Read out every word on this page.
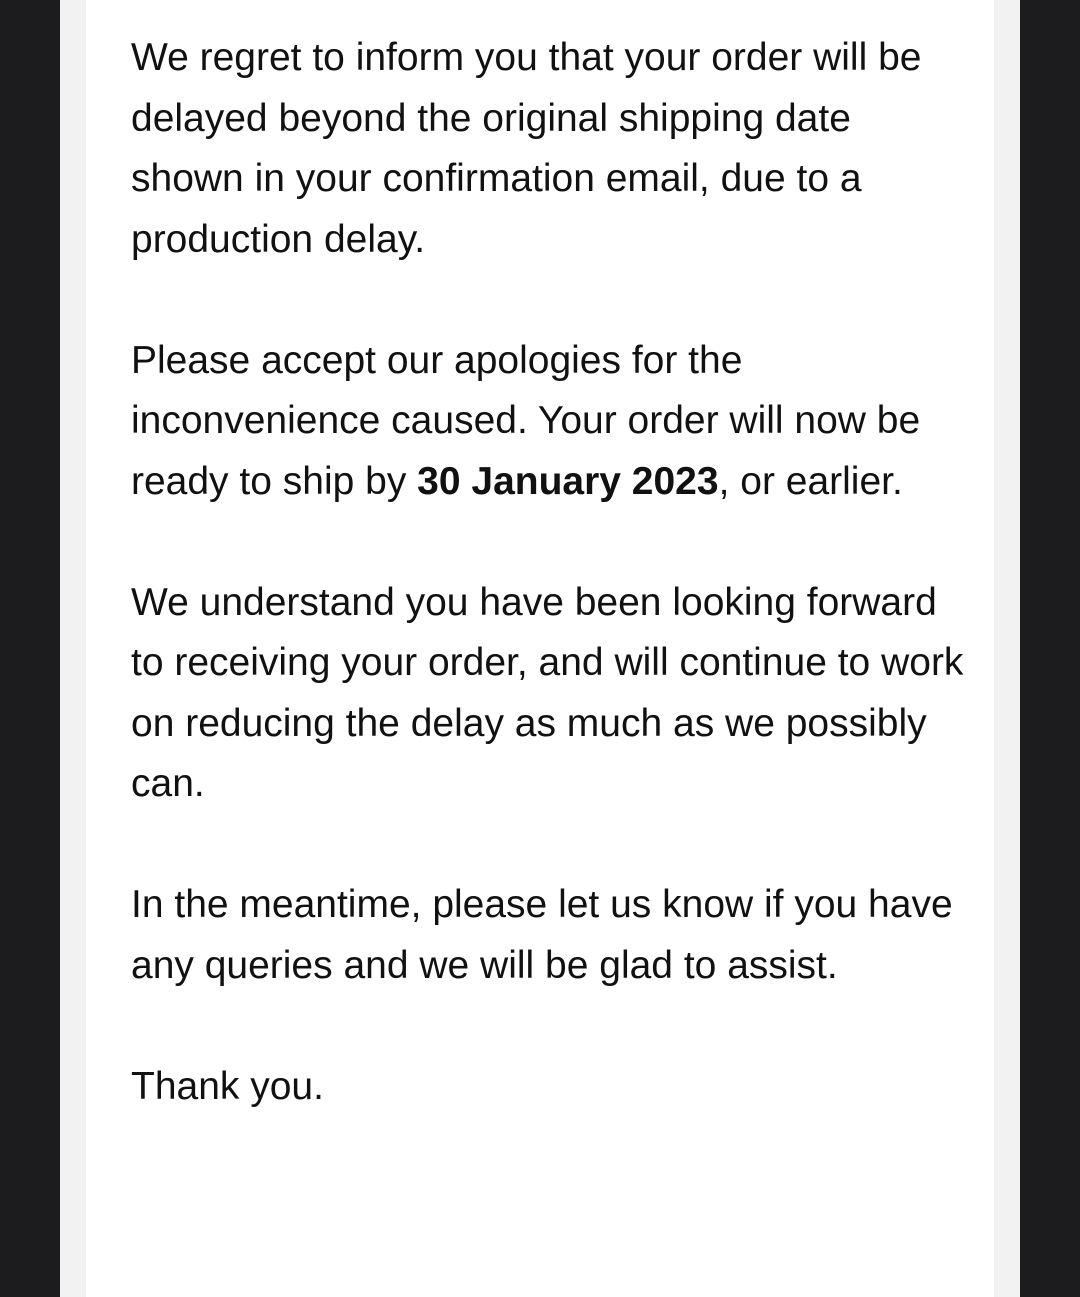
We regret to inform you that your order will be delayed beyond the original shipping date shown in your confirmation email, due to a production delay.

Please accept our apologies for the inconvenience caused. Your order will now be ready to ship by 30 January 2023, or earlier.

We understand you have been looking forward to receiving your order, and will continue to work on reducing the delay as much as we possibly can.

In the meantime, please let us know if you have any queries and we will be glad to assist.

Thank you.
